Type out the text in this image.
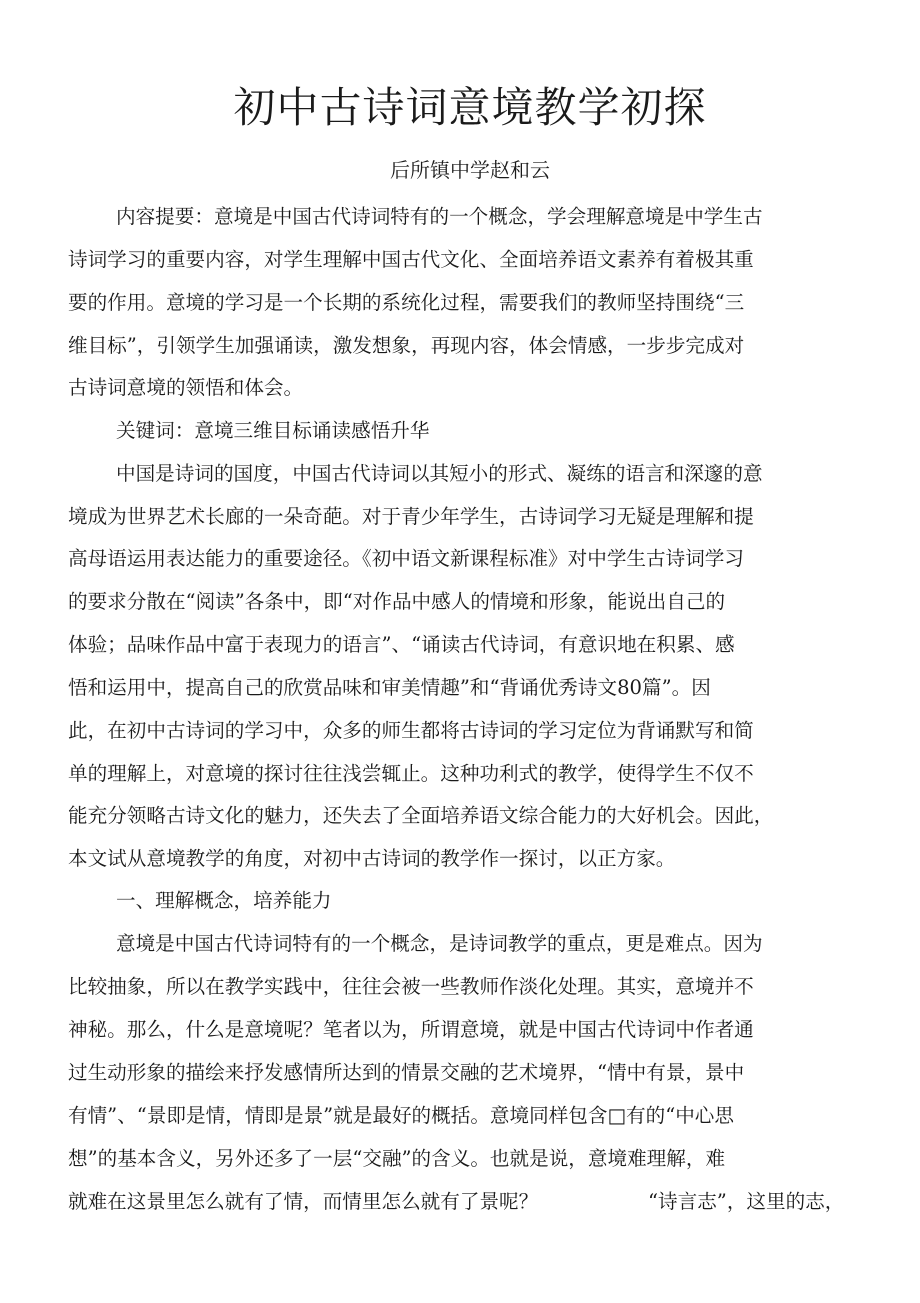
初中古诗词意境教学初探
后所镇中学赵和云
内容提要：意境是中国古代诗词特有的一个概念，学会理解意境是中学生古
诗词学习的重要内容，对学生理解中国古代文化、全面培养语文素养有着极其重
要的作用。意境的学习是一个长期的系统化过程，需要我们的教师坚持围绕“三
维目标”，引领学生加强诵读，激发想象，再现内容，体会情感，一步步完成对
古诗词意境的领悟和体会。
关键词：意境三维目标诵读感悟升华
中国是诗词的国度，中国古代诗词以其短小的形式、凝练的语言和深邃的意
境成为世界艺术长廊的一朵奇葩。对于青少年学生，古诗词学习无疑是理解和提
高母语运用表达能力的重要途径。《初中语文新课程标准》对中学生古诗词学习
的要求分散在“阅读”各条中，即“对作品中感人的情境和形象，能说出自己的
体验；品味作品中富于表现力的语言”、“诵读古代诗词，有意识地在积累、感
悟和运用中，提高自己的欣赏品味和审美情趣”和“背诵优秀诗文80篇”。因
此，在初中古诗词的学习中，众多的师生都将古诗词的学习定位为背诵默写和简
单的理解上，对意境的探讨往往浅尝辄止。这种功利式的教学，使得学生不仅不
能充分领略古诗文化的魅力，还失去了全面培养语文综合能力的大好机会。因此，
本文试从意境教学的角度，对初中古诗词的教学作一探讨，以正方家。
一、理解概念，培养能力
意境是中国古代诗词特有的一个概念，是诗词教学的重点，更是难点。因为
比较抽象，所以在教学实践中，往往会被一些教师作淡化处理。其实，意境并不
神秘。那么，什么是意境呢？笔者以为，所谓意境，就是中国古代诗词中作者通
过生动形象的描绘来抒发感情所达到的情景交融的艺术境界，“情中有景，景中
有情”、“景即是情，情即是景”就是最好的概括。意境同样包含□有的“中心思
想”的基本含义，另外还多了一层“交融”的含义。也就是说，意境难理解，难
就难在这景里怎么就有了情，而情里怎么就有了景呢？	“诗言志”，这里的志，
